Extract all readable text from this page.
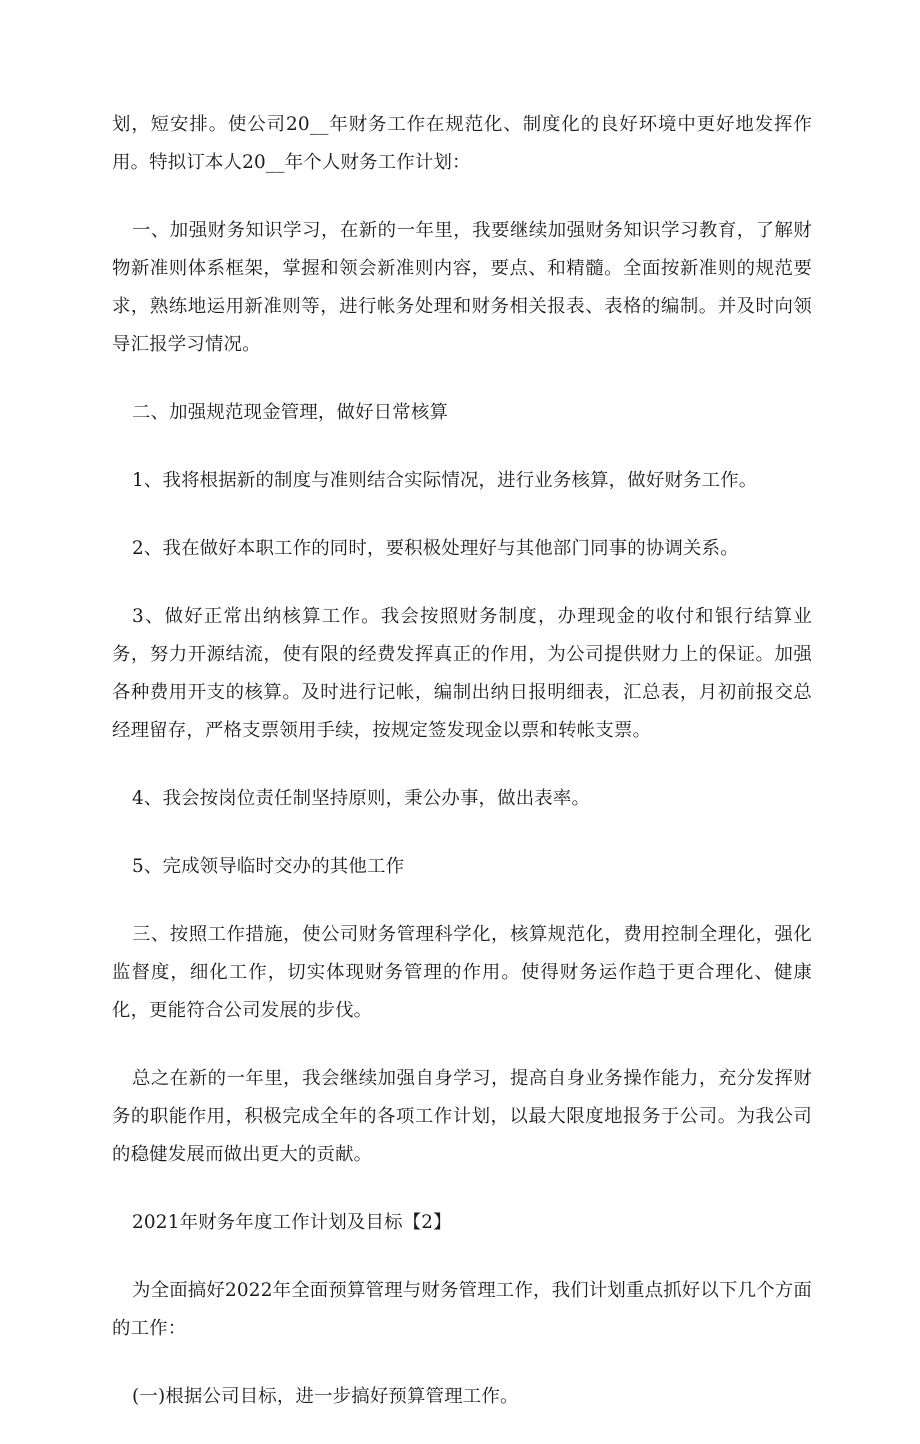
划，短安排。使公司20__年财务工作在规范化、制度化的良好环境中更好地发挥作用。特拟订本人20__年个人财务工作计划：

一、加强财务知识学习，在新的一年里，我要继续加强财务知识学习教育，了解财物新准则体系框架，掌握和领会新准则内容，要点、和精髓。全面按新准则的规范要求，熟练地运用新准则等，进行帐务处理和财务相关报表、表格的编制。并及时向领导汇报学习情况。

二、加强规范现金管理，做好日常核算

1、我将根据新的制度与准则结合实际情况，进行业务核算，做好财务工作。

2、我在做好本职工作的同时，要积极处理好与其他部门同事的协调关系。

3、做好正常出纳核算工作。我会按照财务制度，办理现金的收付和银行结算业务，努力开源结流，使有限的经费发挥真正的作用，为公司提供财力上的保证。加强各种费用开支的核算。及时进行记帐，编制出纳日报明细表，汇总表，月初前报交总经理留存，严格支票领用手续，按规定签发现金以票和转帐支票。

4、我会按岗位责任制坚持原则，秉公办事，做出表率。

5、完成领导临时交办的其他工作

三、按照工作措施，使公司财务管理科学化，核算规范化，费用控制全理化，强化监督度，细化工作，切实体现财务管理的作用。使得财务运作趋于更合理化、健康化，更能符合公司发展的步伐。

总之在新的一年里，我会继续加强自身学习，提高自身业务操作能力，充分发挥财务的职能作用，积极完成全年的各项工作计划，以最大限度地报务于公司。为我公司的稳健发展而做出更大的贡献。

2021年财务年度工作计划及目标【2】

为全面搞好2022年全面预算管理与财务管理工作，我们计划重点抓好以下几个方面的工作：

(一)根据公司目标，进一步搞好预算管理工作。
